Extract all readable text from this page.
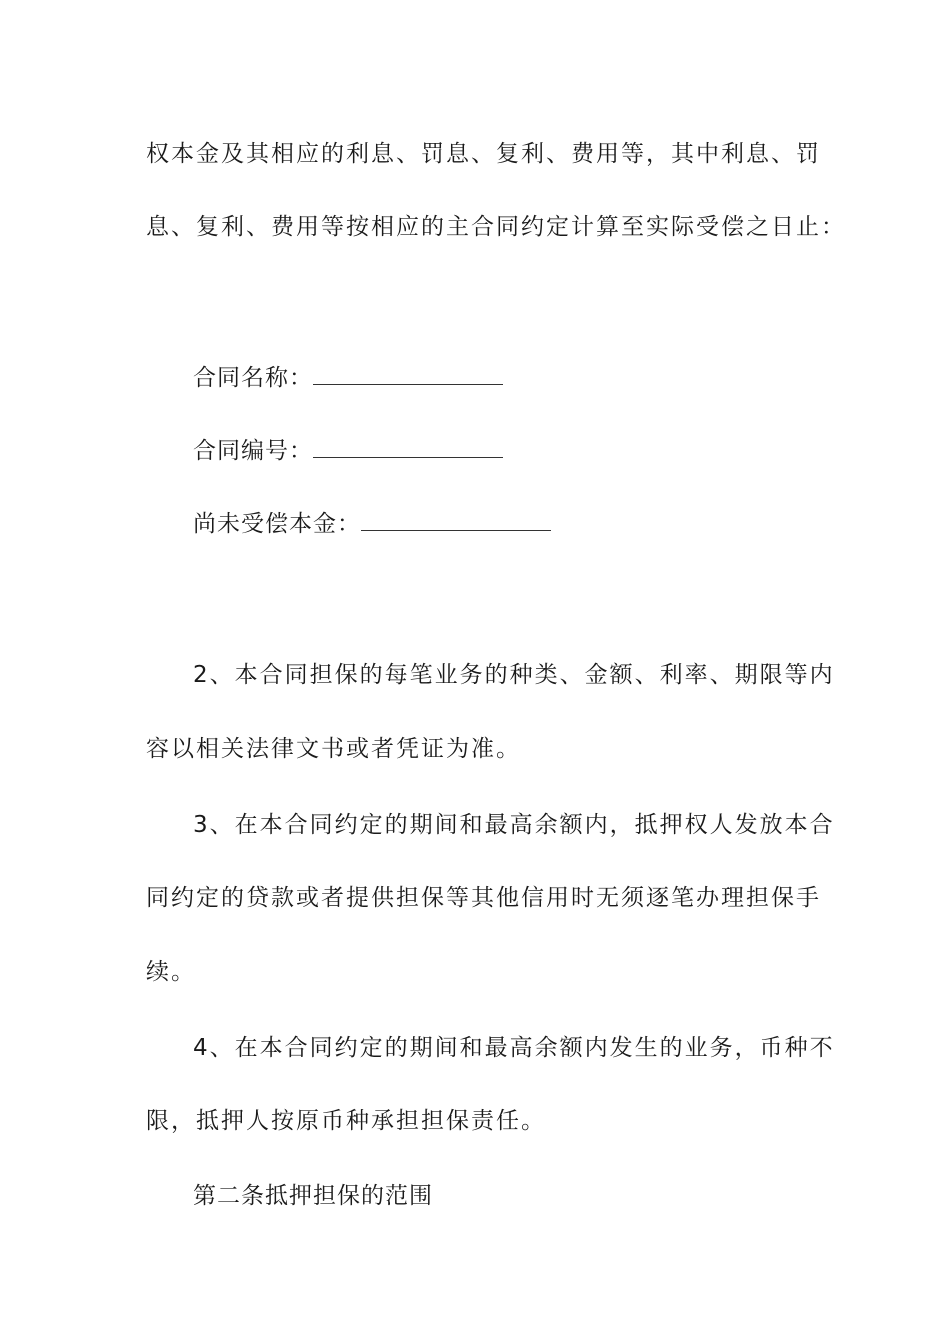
权本金及其相应的利息、罚息、复利、费用等，其中利息、罚
息、复利、费用等按相应的主合同约定计算至实际受偿之日止：
合同名称：
合同编号：
尚未受偿本金：
2、本合同担保的每笔业务的种类、金额、利率、期限等内
容以相关法律文书或者凭证为准。
3、在本合同约定的期间和最高余额内，抵押权人发放本合
同约定的贷款或者提供担保等其他信用时无须逐笔办理担保手
续。
4、在本合同约定的期间和最高余额内发生的业务，币种不
限，抵押人按原币种承担担保责任。
第二条抵押担保的范围
